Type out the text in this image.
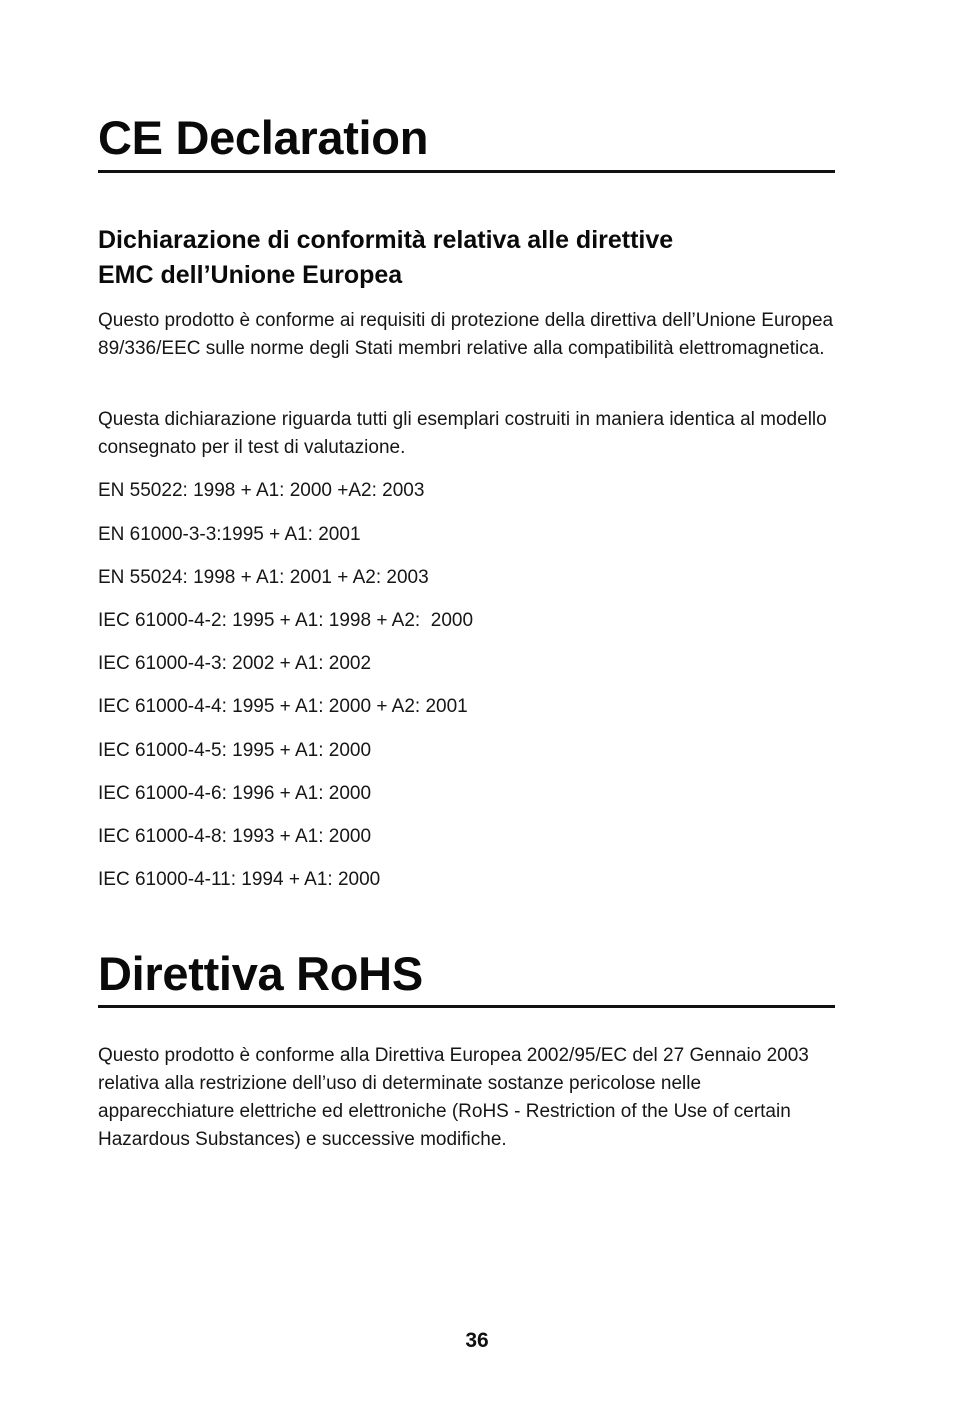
CE Declaration
Dichiarazione di conformità relativa alle direttive
EMC dell’Unione Europea

Questo prodotto è conforme ai requisiti di protezione della direttiva dell’Unione Europea 89/336/EEC sulle norme degli Stati membri relative alla compatibilità elettromagnetica.

Questa dichiarazione riguarda tutti gli esemplari costruiti in maniera identica al modello consegnato per il test di valutazione.

EN 55022: 1998 + A1: 2000 +A2: 2003

EN 61000-3-3:1995 + A1: 2001

EN 55024: 1998 + A1: 2001 + A2: 2003

IEC 61000-4-2: 1995 + A1: 1998 + A2:  2000

IEC 61000-4-3: 2002 + A1: 2002

IEC 61000-4-4: 1995 + A1: 2000 + A2: 2001

IEC 61000-4-5: 1995 + A1: 2000

IEC 61000-4-6: 1996 + A1: 2000

IEC 61000-4-8: 1993 + A1: 2000

IEC 61000-4-11: 1994 + A1: 2000

Direttiva RoHS

Questo prodotto è conforme alla Direttiva Europea 2002/95/EC del 27 Gennaio 2003 relativa alla restrizione dell’uso di determinate sostanze pericolose nelle apparecchiature elettriche ed elettroniche (RoHS - Restriction of the Use of certain Hazardous Substances) e successive modifiche.

36
